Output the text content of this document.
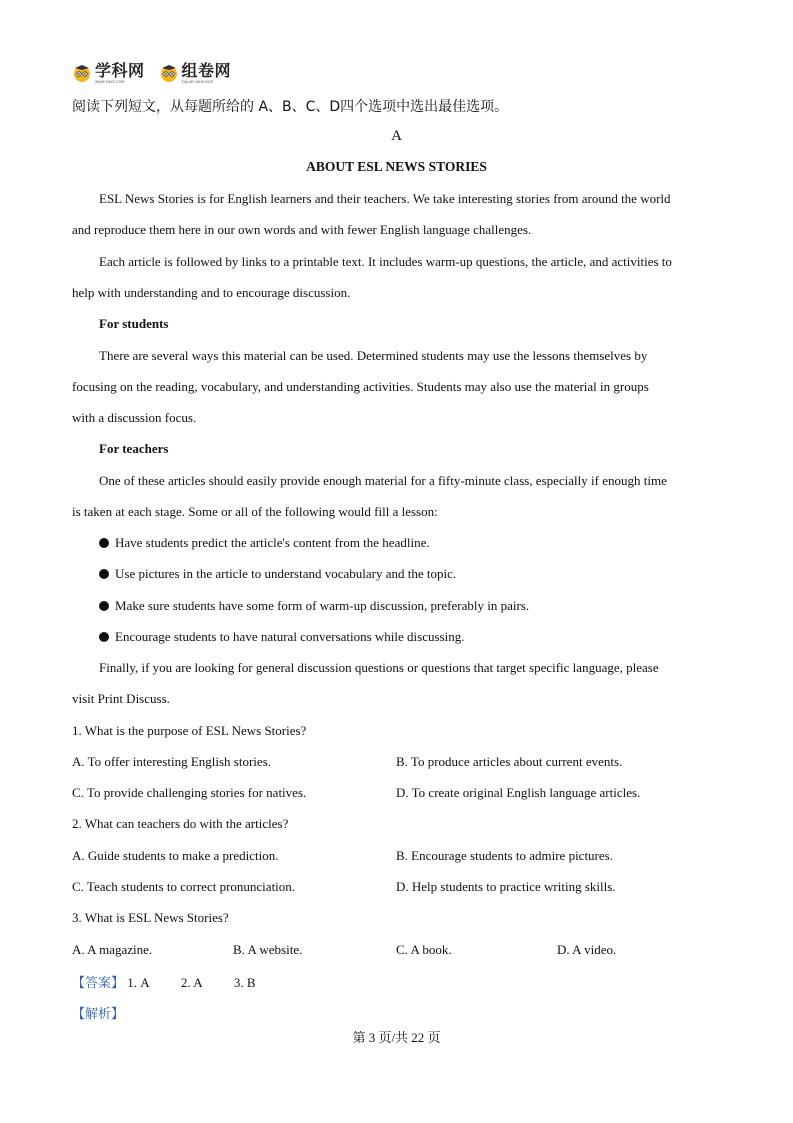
学科网
www.zxxk.com
组卷网
zujuan.xkw.com
阅读下列短文，从每题所给的 A、B、C、D四个选项中选出最佳选项。
A
ABOUT ESL NEWS STORIES
ESL News Stories is for English learners and their teachers. We take interesting stories from around the world
and reproduce them here in our own words and with fewer English language challenges.
Each article is followed by links to a printable text. It includes warm-up questions, the article, and activities to
help with understanding and to encourage discussion.
For students
There are several ways this material can be used. Determined students may use the lessons themselves by
focusing on the reading, vocabulary, and understanding activities. Students may also use the material in groups
with a discussion focus.
For teachers
One of these articles should easily provide enough material for a fifty-minute class, especially if enough time
is taken at each stage. Some or all of the following would fill a lesson:
Have students predict the article's content from the headline.
Use pictures in the article to understand vocabulary and the topic.
Make sure students have some form of warm-up discussion, preferably in pairs.
Encourage students to have natural conversations while discussing.
Finally, if you are looking for general discussion questions or questions that target specific language, please
visit Print Discuss.
1. What is the purpose of ESL News Stories?
A. To offer interesting English stories.	B. To produce articles about current events.
C. To provide challenging stories for natives.	D. To create original English language articles.
2. What can teachers do with the articles?
A. Guide students to make a prediction.	B. Encourage students to admire pictures.
C. Teach students to correct pronunciation.	D. Help students to practice writing skills.
3. What is ESL News Stories?
A. A magazine.	B. A website.	C. A book.	D. A video.
【答案】 1. A 2. A 3. B
【解析】
第 3 页/共 22 页
